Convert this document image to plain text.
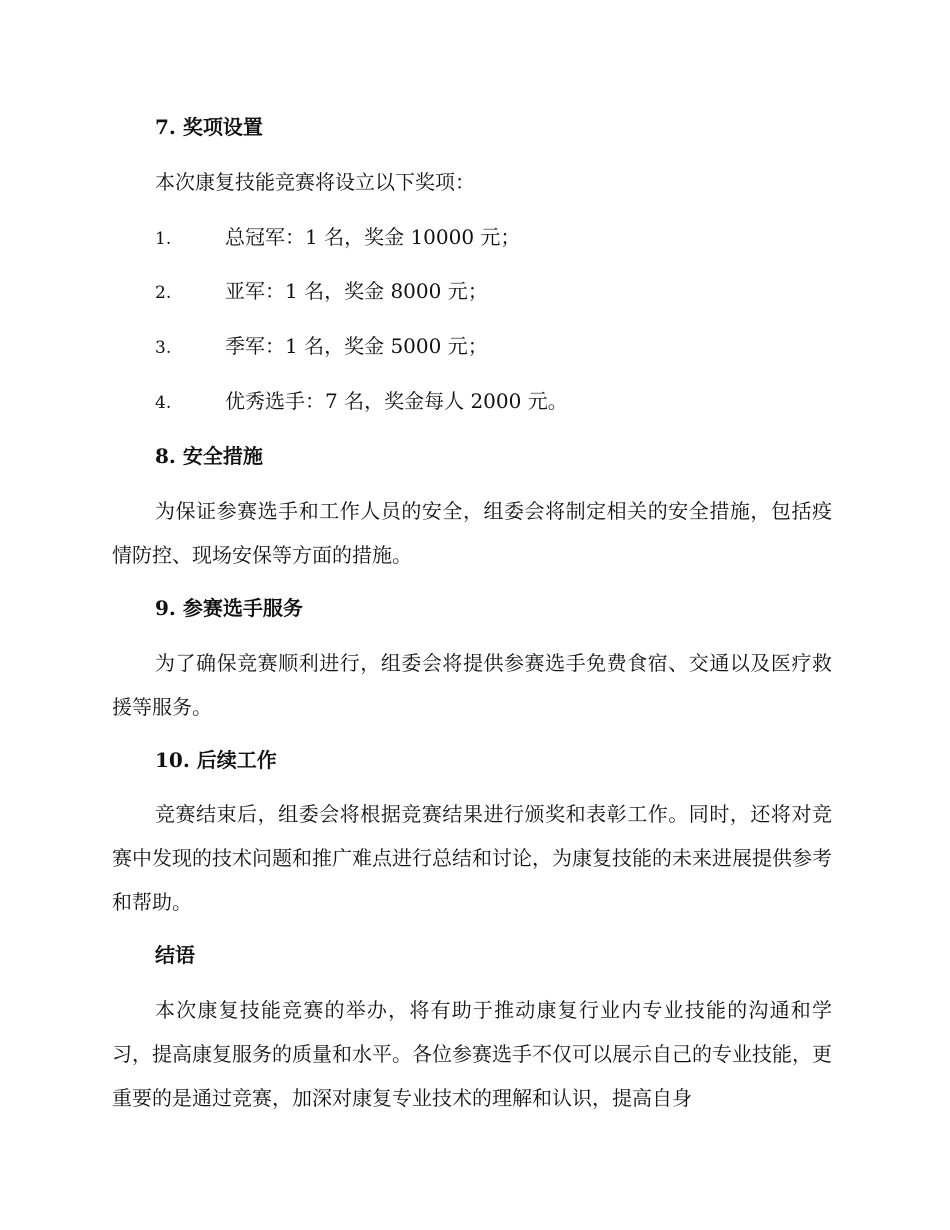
7. 奖项设置

本次康复技能竞赛将设立以下奖项：

1.	总冠军：1 名，奖金 10000 元；

2.	亚军：1 名，奖金 8000 元；

3.	季军：1 名，奖金 5000 元；

4.	优秀选手：7 名，奖金每人 2000 元。

8. 安全措施

为保证参赛选手和工作人员的安全，组委会将制定相关的安全措施，包括疫情防控、现场安保等方面的措施。

9. 参赛选手服务

为了确保竞赛顺利进行，组委会将提供参赛选手免费食宿、交通以及医疗救援等服务。

10. 后续工作

竞赛结束后，组委会将根据竞赛结果进行颁奖和表彰工作。同时，还将对竞赛中发现的技术问题和推广难点进行总结和讨论，为康复技能的未来进展提供参考和帮助。

结语

本次康复技能竞赛的举办，将有助于推动康复行业内专业技能的沟通和学习，提高康复服务的质量和水平。各位参赛选手不仅可以展示自己的专业技能，更重要的是通过竞赛，加深对康复专业技术的理解和认识，提高自身
